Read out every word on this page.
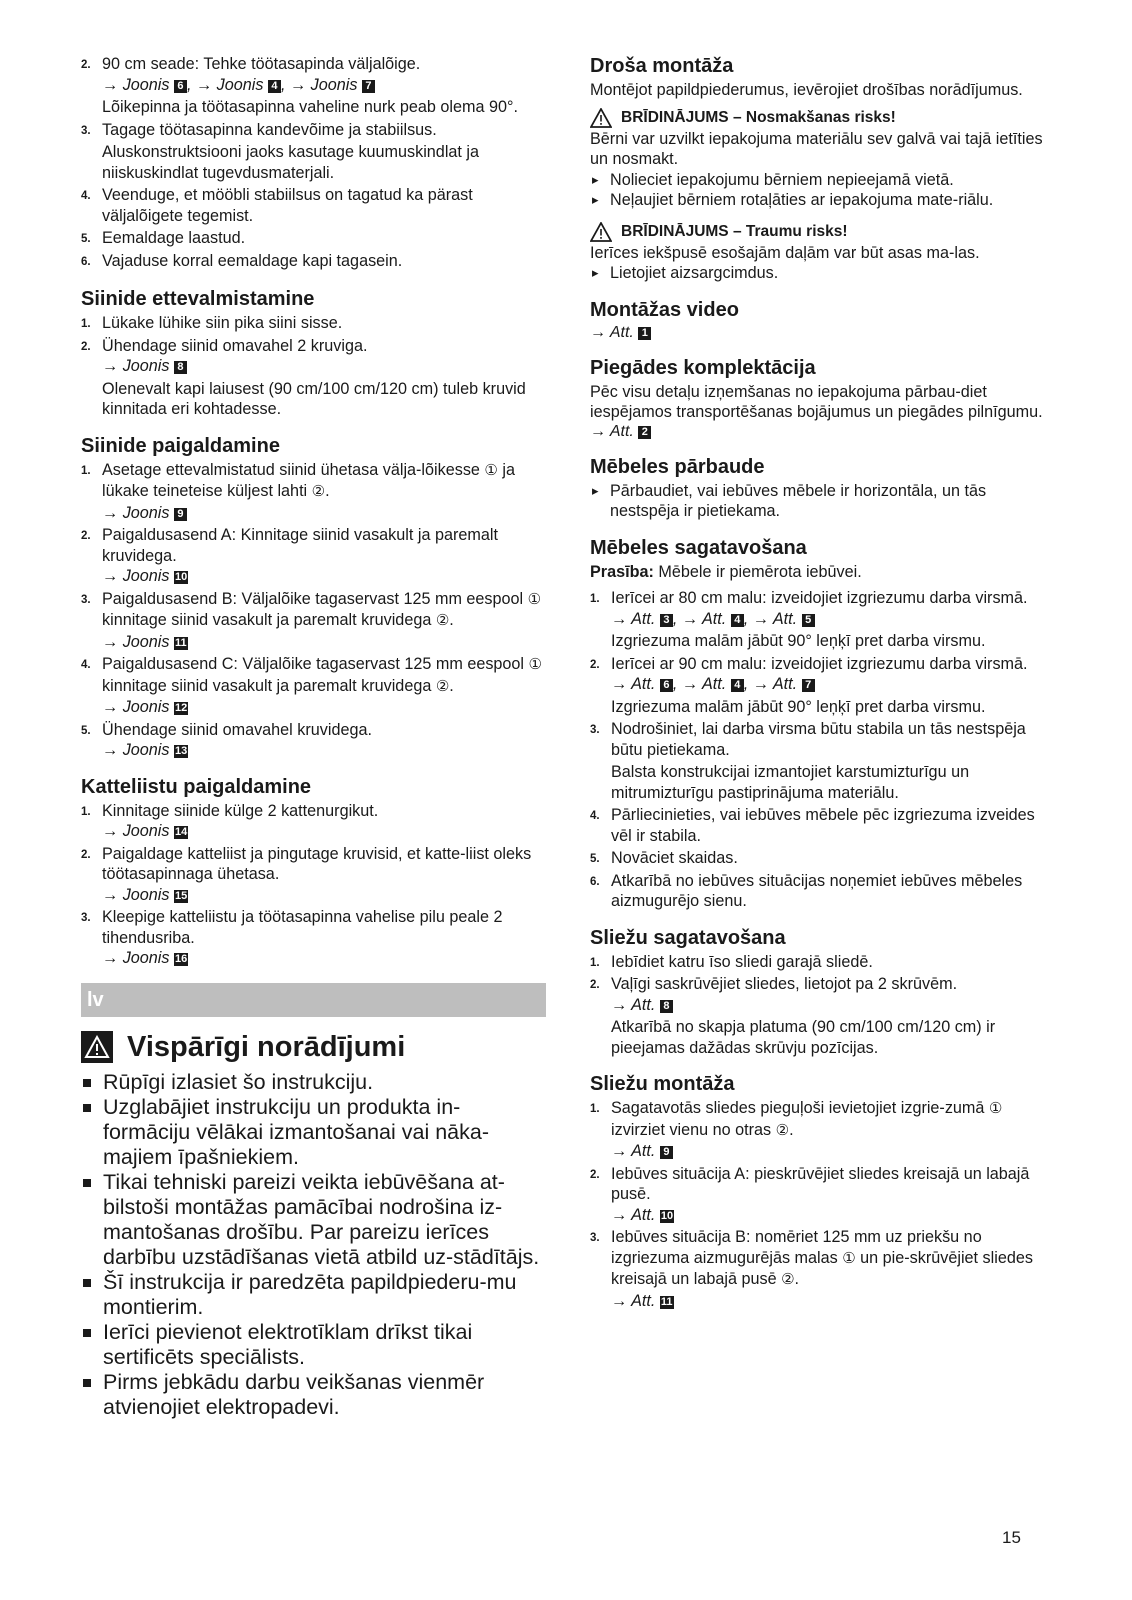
2. 90 cm seade: Tehke töötasapinda väljalõige.
→ Joonis 6 , → Joonis 4 , → Joonis 7
Lõikepinna ja töötasapinna vaheline nurk peab olema 90°.
3. Tagage töötasapinna kandevõime ja stabiilsus.
Aluskonstruktsiooni jaoks kasutage kuumuskindlat ja niiskuskindlat tugevdusmaterjali.
4. Veenduge, et mööbli stabiilsus on tagatud ka pärast väljalõigete tegemist.
5. Eemaldage laastud.
6. Vajaduse korral eemaldage kapi tagasein.
Siinide ettevalmistamine
1. Lükake lühike siin pika siini sisse.
2. Ühendage siinid omavahel 2 kruviga.
→ Joonis 8
Olenevalt kapi laiusest (90 cm/100 cm/120 cm) tuleb kruvid kinnitada eri kohtadesse.
Siinide paigaldamine
1. Asetage ettevalmistatud siinid ühetasa välja-lõikesse ① ja lükake teineteise küljest lahti ②.
→ Joonis 9
2. Paigaldusasend A: Kinnitage siinid vasakult ja paremalt kruvidega.
→ Joonis 10
3. Paigaldusasend B: Väljalõike tagaservast 125 mm eespool ① kinnitage siinid vasakult ja paremalt kruvidega ②.
→ Joonis 11
4. Paigaldusasend C: Väljalõike tagaservast 125 mm eespool ① kinnitage siinid vasakult ja paremalt kruvidega ②.
→ Joonis 12
5. Ühendage siinid omavahel kruvidega.
→ Joonis 13
Katteliistu paigaldamine
1. Kinnitage siinide külge 2 kattenurgikut.
→ Joonis 14
2. Paigaldage katteliist ja pingutage kruvisid, et katte-liist oleks töötasapinnaga ühetasa.
→ Joonis 15
3. Kleepige katteliistu ja töötasapinna vahelise pilu peale 2 tihendusriba.
→ Joonis 16
lv
Vispārīgi norādījumi
Rūpīgi izlasiet šo instrukciju.
Uzglabājiet instrukciju un produkta in-formāciju vēlākai izmantošanai vai nāka-majiem īpašniekiem.
Tikai tehniski pareizi veikta iebūvēšana at-bilstoši montāžas pamācībai nodrošina iz-mantošanas drošību. Par pareizu ierīces darbību uzstādīšanas vietā atbild uz-stādītājs.
Šī instrukcija ir paredzēta papildpiederu-mu montierim.
Ierīci pievienot elektrotīklam drīkst tikai sertificēts speciālists.
Pirms jebkādu darbu veikšanas vienmēr atvienojiet elektropadevi.
Droša montāža

Montējot papildpiederumus, ievērojiet drošības norādījumus.

BRĪDINĀJUMS – Nosmakšanas risks!

Bērni var uzvilkt iepakojuma materiālu sev galvā vai tajā ietīties un nosmakt.

▸ Nolieciet iepakojumu bērniem nepieejamā vietā.
▸ Neļaujiet bērniem rotaļāties ar iepakojuma mate-riālu.
BRĪDINĀJUMS – Traumu risks!

Ierīces iekšpusē esošajām daļām var būt asas ma-las.

▸ Lietojiet aizsargcimdus.
Montāžas video
→ Att. 1
Piegādes komplektācija

Pēc visu detaļu izņemšanas no iepakojuma pārbau-diet iespējamos transportēšanas bojājumus un piegādes pilnīgumu.

→ Att. 2
Mēbeles pārbaude
▸ Pārbaudiet, vai iebūves mēbele ir horizontāla, un tās nestspēja ir pietiekama.
Mēbeles sagatavošana

Prasība: Mēbele ir piemērota iebūvei.

1. Ierīcei ar 80 cm malu: izveidojiet izgriezumu darba virsmā.
→ Att. 3 , → Att. 4 , → Att. 5
Izgriezuma malām jābūt 90° leņķī pret darba virsmu.
2. Ierīcei ar 90 cm malu: izveidojiet izgriezumu darba virsmā.
→ Att. 6 , → Att. 4 , → Att. 7
Izgriezuma malām jābūt 90° leņķī pret darba virsmu.
3. Nodrošiniet, lai darba virsma būtu stabila un tās nestspēja būtu pietiekama.
Balsta konstrukcijai izmantojiet karstumizturīgu un mitrumizturīgu pastiprinājuma materiālu.
4. Pārliecinieties, vai iebūves mēbele pēc izgriezuma izveides vēl ir stabila.
5. Novāciet skaidas.
6. Atkarībā no iebūves situācijas noņemiet iebūves mēbeles aizmugurējo sienu.
Sliežu sagatavošana
1. Iebīdiet katru īso sliedi garajā sliedē.
2. Vaļīgi saskrūvējiet sliedes, lietojot pa 2 skrūvēm.
→ Att. 8
Atkarībā no skapja platuma (90 cm/100 cm/120 cm) ir pieejamas dažādas skrūvju pozīcijas.
Sliežu montāža
1. Sagatavotās sliedes pieguļoši ievietojiet izgrie-zumā ① izvirziet vienu no otras ②.
→ Att. 9
2. Iebūves situācija A: pieskrūvējiet sliedes kreisajā un labajā pusē.
→ Att. 10
3. Iebūves situācija B: nomēriet 125 mm uz priekšu no izgriezuma aizmugurējās malas ① un pie-skrūvējiet sliedes kreisajā un labajā pusē ②.
→ Att. 11
15
